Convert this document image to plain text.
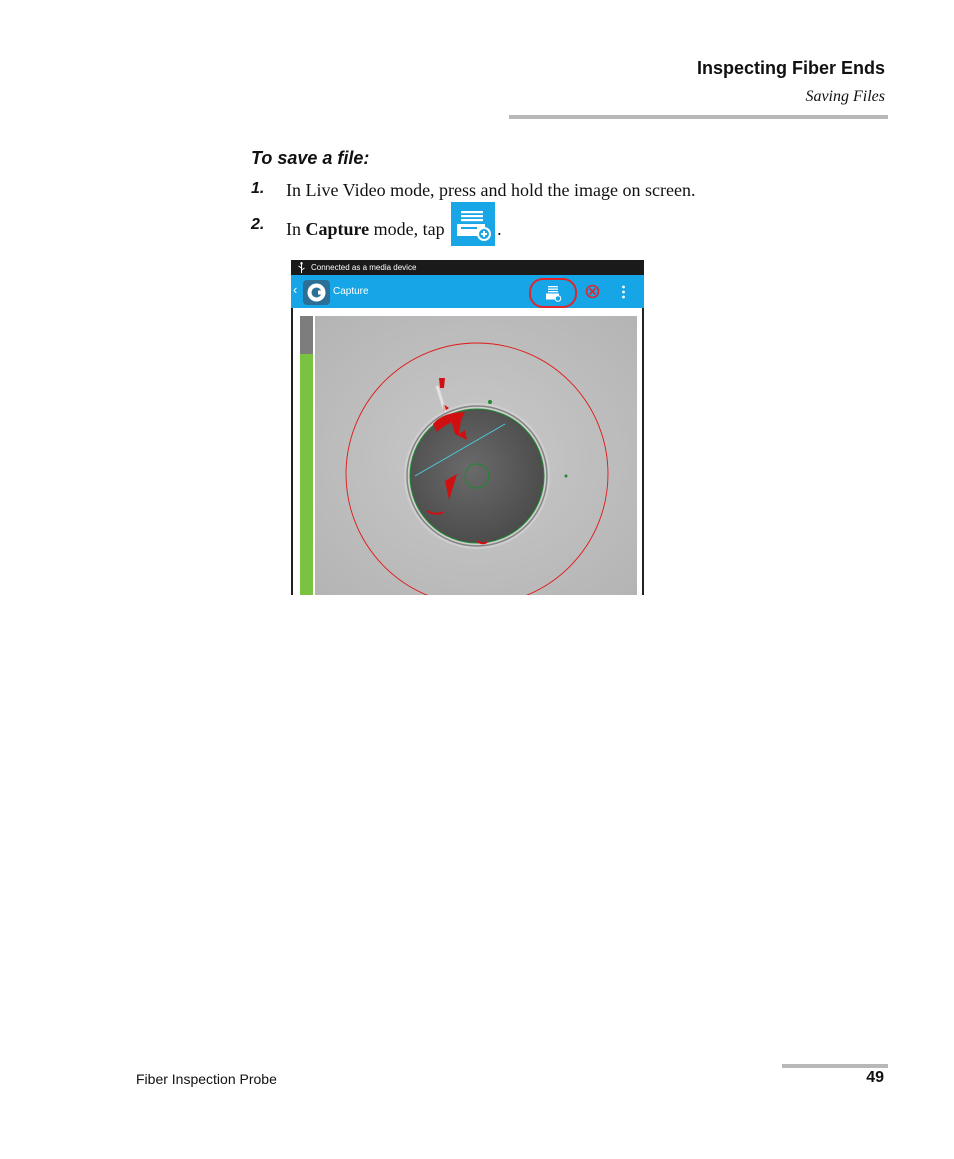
Inspecting Fiber Ends
Saving Files
To save a file:
1. In Live Video mode, press and hold the image on screen.
2. In Capture mode, tap	.
Connected as a media device
‹	Capture
Fiber Inspection Probe	49
